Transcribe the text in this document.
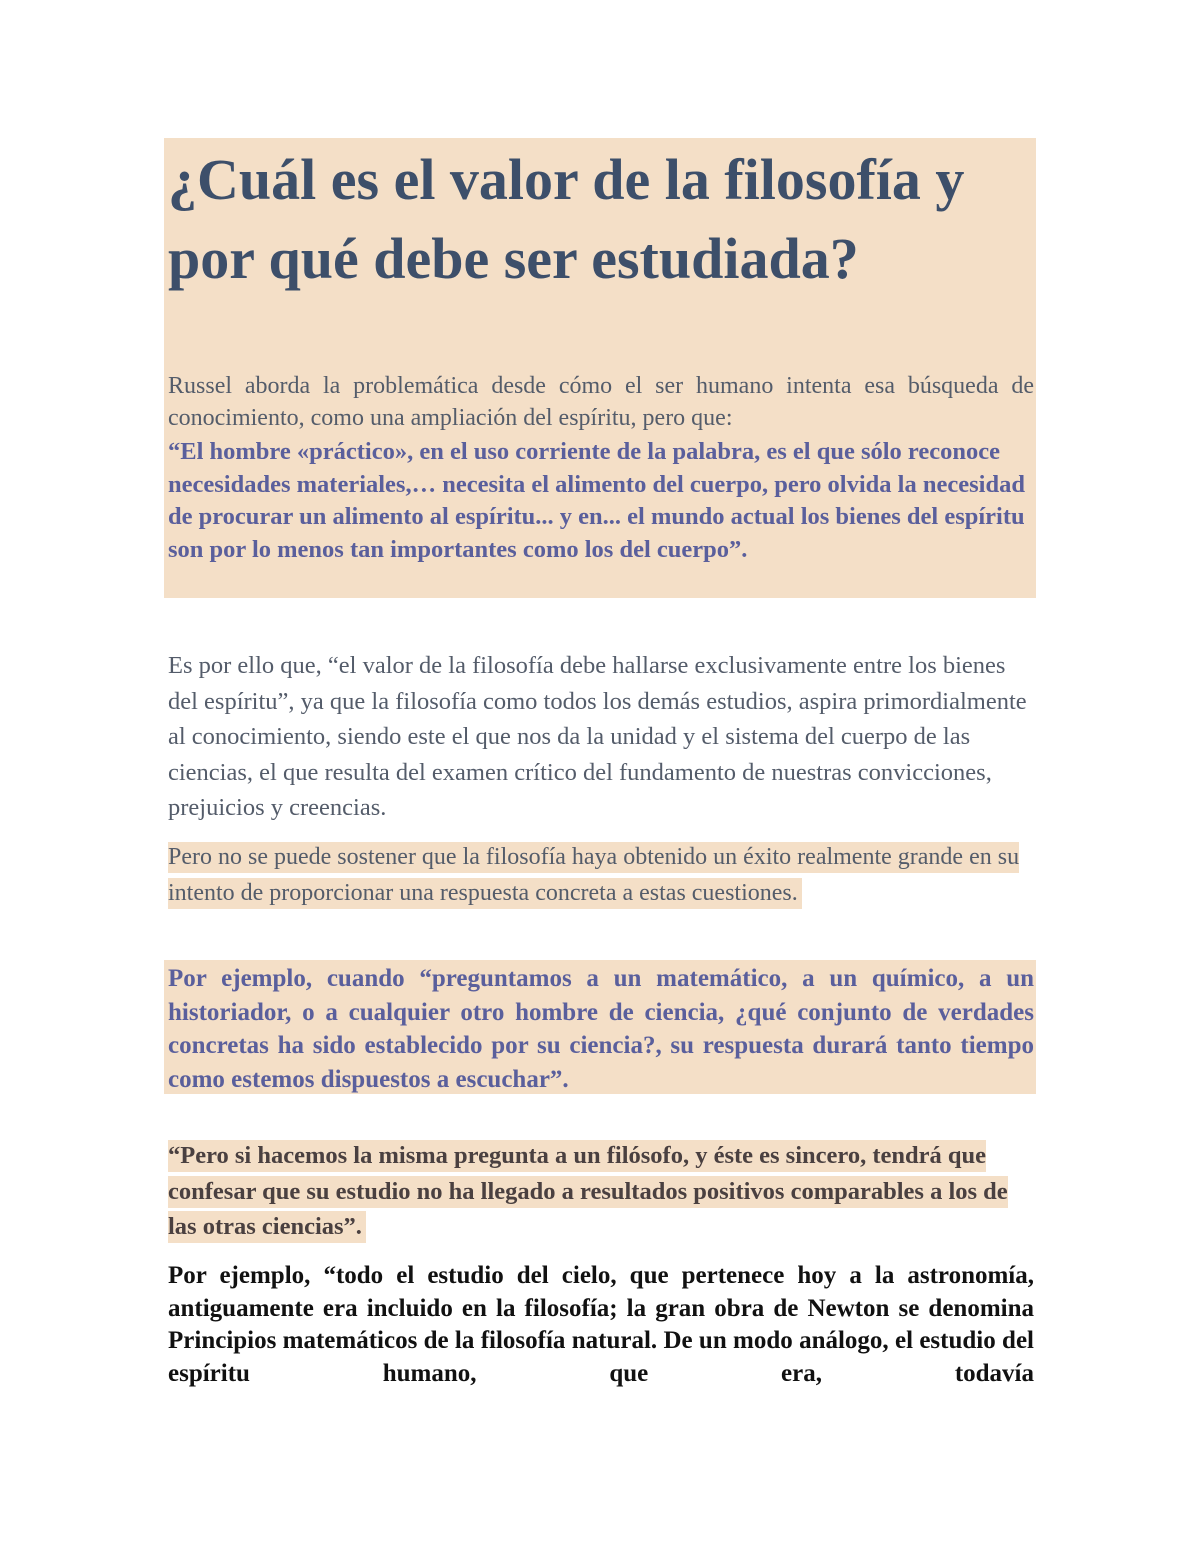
¿Cuál es el valor de la filosofía y por qué debe ser estudiada?

Russel aborda la problemática desde cómo el ser humano intenta esa búsqueda de conocimiento, como una ampliación del espíritu, pero que:

“El hombre «práctico», en el uso corriente de la palabra, es el que sólo reconoce necesidades materiales,… necesita el alimento del cuerpo, pero olvida la necesidad de procurar un alimento al espíritu... y en... el mundo actual los bienes del espíritu son por lo menos tan importantes como los del cuerpo”.

Es por ello que, “el valor de la filosofía debe hallarse exclusivamente entre los bienes del espíritu”, ya que la filosofía como todos los demás estudios, aspira primordialmente al conocimiento, siendo este el que nos da la unidad y el sistema del cuerpo de las ciencias, el que resulta del examen crítico del fundamento de nuestras convicciones, prejuicios y creencias.

Pero no se puede sostener que la filosofía haya obtenido un éxito realmente grande en su intento de proporcionar una respuesta concreta a estas cuestiones.

Por ejemplo, cuando “preguntamos a un matemático, a un químico, a un historiador, o a cualquier otro hombre de ciencia, ¿qué conjunto de verdades concretas ha sido establecido por su ciencia?, su respuesta durará tanto tiempo como estemos dispuestos a escuchar”.

“Pero si hacemos la misma pregunta a un filósofo, y éste es sincero, tendrá que confesar que su estudio no ha llegado a resultados positivos comparables a los de las otras ciencias”.

Por ejemplo, “todo el estudio del cielo, que pertenece hoy a la astronomía, antiguamente era incluido en la filosofía; la gran obra de Newton se denomina Principios matemáticos de la filosofía natural. De un modo análogo, el estudio del espíritu humano, que era, todavía
